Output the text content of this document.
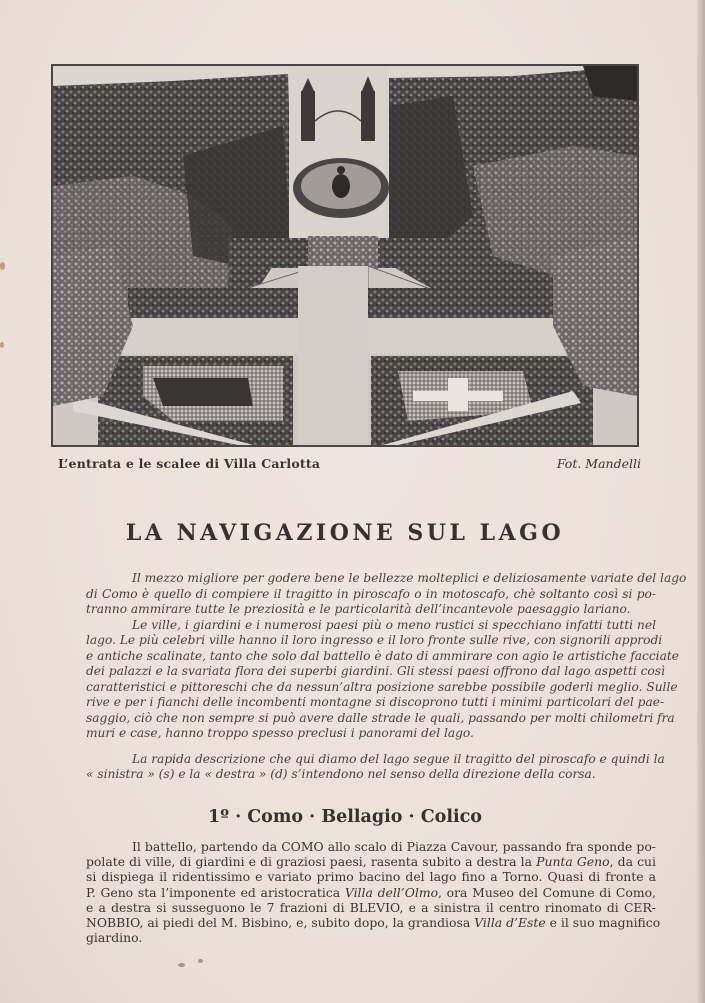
L’entrata e le scalee di Villa Carlotta	Fot. Mandelli
LA NAVIGAZIONE SUL LAGO

Il mezzo migliore per godere bene le bellezze molteplici e deliziosamente variate del lago
di Como è quello di compiere il tragitto in piroscafo o in motoscafo, chè soltanto così si po-
tranno ammirare tutte le preziosità e le particolarità dell’incantevole paesaggio lariano.

Le ville, i giardini e i numerosi paesi più o meno rustici si specchiano infatti tutti nel
lago. Le più celebri ville hanno il loro ingresso e il loro fronte sulle rive, con signorili approdi
e antiche scalinate, tanto che solo dal battello è dato di ammirare con agio le artistiche facciate
dei palazzi e la svariata flora dei superbi giardini. Gli stessi paesi offrono dal lago aspetti così
caratteristici e pittoreschi che da nessun’altra posizione sarebbe possibile goderli meglio. Sulle
rive e per i fianchi delle incombenti montagne si discoprono tutti i minimi particolari del pae-
saggio, ciò che non sempre si può avere dalle strade le quali, passando per molti chilometri fra
muri e case, hanno troppo spesso preclusi i panorami del lago.

La rapida descrizione che qui diamo del lago segue il tragitto del piroscafo e quindi la
« sinistra » (s) e la « destra » (d) s’intendono nel senso della direzione della corsa.

1º · Como · Bellagio · Colico
Il battello, partendo da COMO allo scalo di Piazza Cavour, passando fra sponde po-
polate di ville, di giardini e di graziosi paesi, rasenta subito a destra la Punta Geno, da cui
si dispiega il ridentissimo e variato primo bacino del lago fino a Torno. Quasi di fronte a
P. Geno sta l’imponente ed aristocratica Villa dell’Olmo, ora Museo del Comune di Como,
e a destra si susseguono le 7 frazioni di BLEVIO, e a sinistra il centro rinomato di CER-
NOBBIO, ai piedi del M. Bisbino, e, subito dopo, la grandiosa Villa d’Este e il suo magnifico
giardino.
